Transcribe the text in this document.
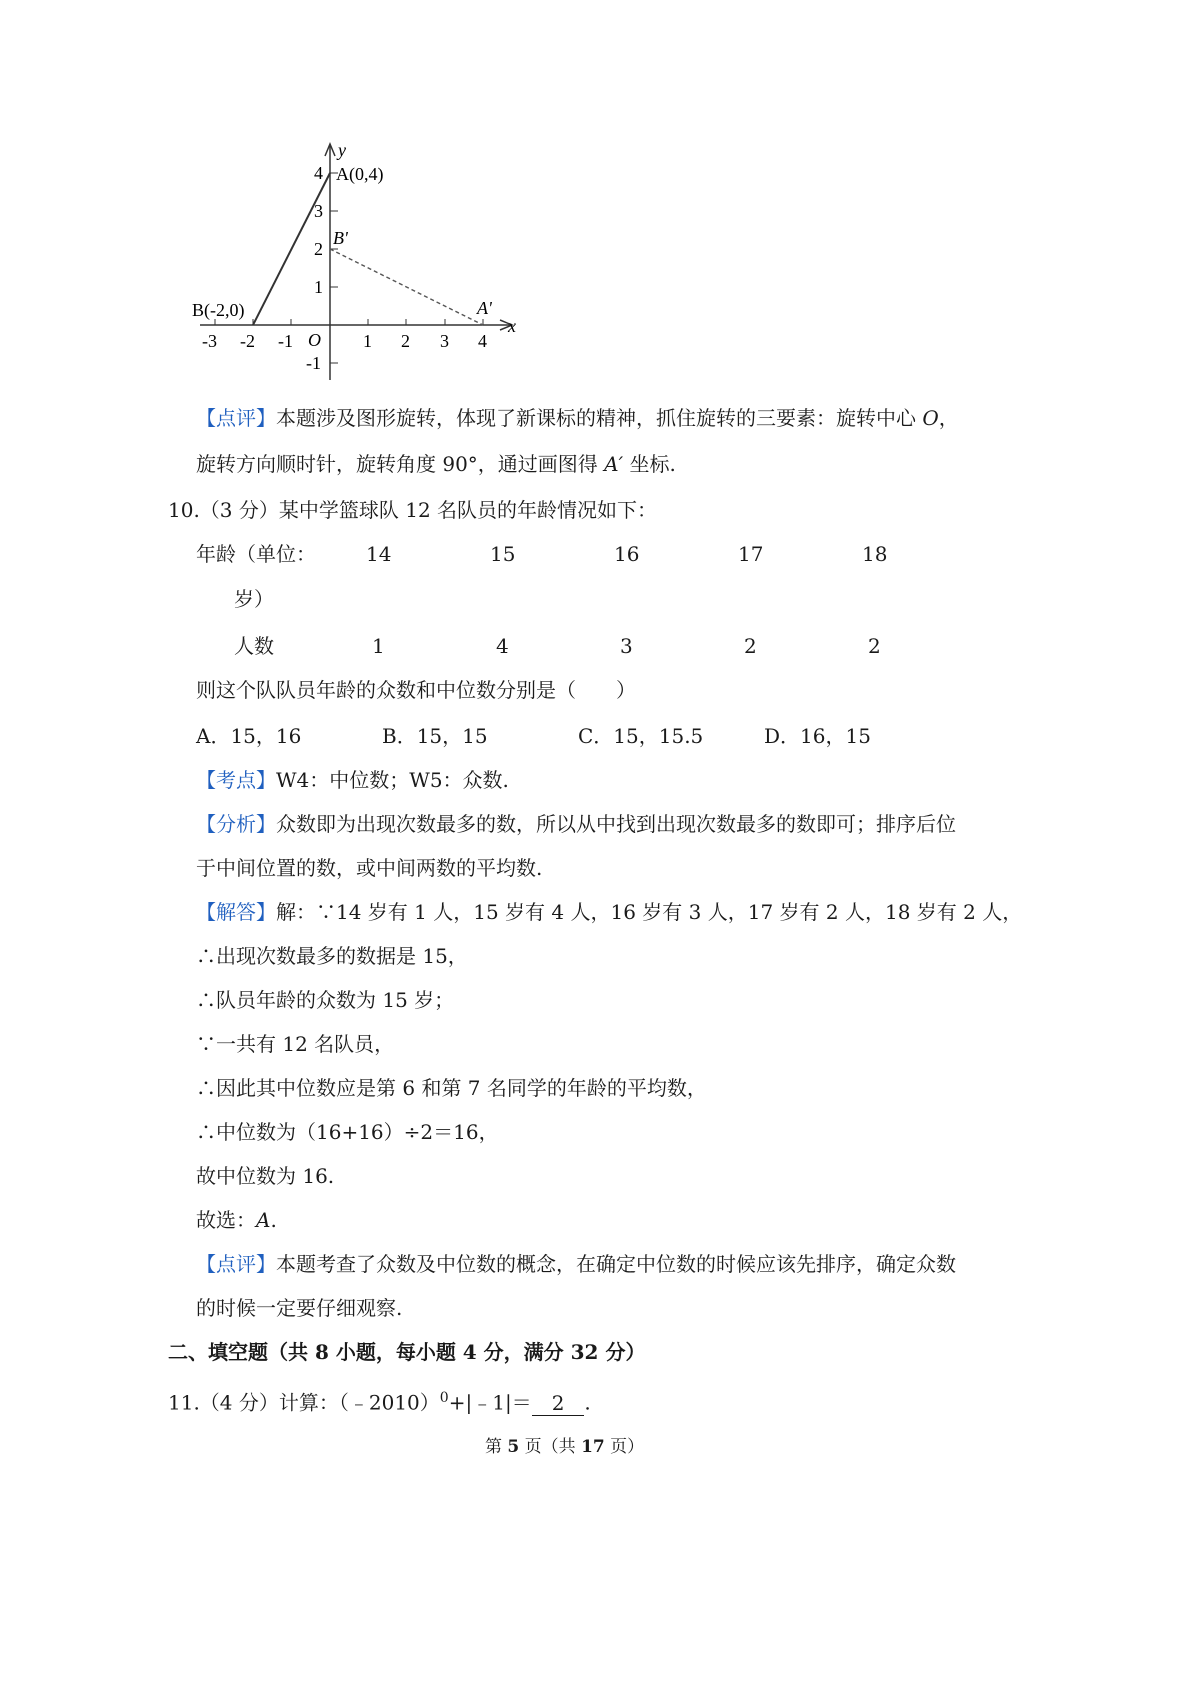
y
x
A(0,4)
B(-2,0)
B'
A'
O
-3 -2 -1	1 2 3 4
4
3
2
1
-1
【点评】本题涉及图形旋转，体现了新课标的精神，抓住旋转的三要素：旋转中心 O，
旋转方向顺时针，旋转角度 90°，通过画图得 A′ 坐标.
10.（3 分）某中学篮球队 12 名队员的年龄情况如下：
年龄（单位：
岁）
14	15	16	17	18
人数	1	4	3	2	2
则这个队队员年龄的众数和中位数分别是（　　）
A．15，16	B．15，15	C．15，15.5	D．16，15
【考点】W4：中位数；W5：众数.
【分析】众数即为出现次数最多的数，所以从中找到出现次数最多的数即可；排序后位
于中间位置的数，或中间两数的平均数.
【解答】解：∵14 岁有 1 人，15 岁有 4 人，16 岁有 3 人，17 岁有 2 人，18 岁有 2 人，
∴出现次数最多的数据是 15，
∴队员年龄的众数为 15 岁；
∵一共有 12 名队员，
∴因此其中位数应是第 6 和第 7 名同学的年龄的平均数，
∴中位数为（16+16）÷2＝16，
故中位数为 16.
故选：A.
【点评】本题考查了众数及中位数的概念，在确定中位数的时候应该先排序，确定众数
的时候一定要仔细观察.
二、填空题（共 8 小题，每小题 4 分，满分 32 分）
11.（4 分）计算：（﹣2010）$^0$+|﹣1|＝ 2 .
第 5 页（共 17 页）
